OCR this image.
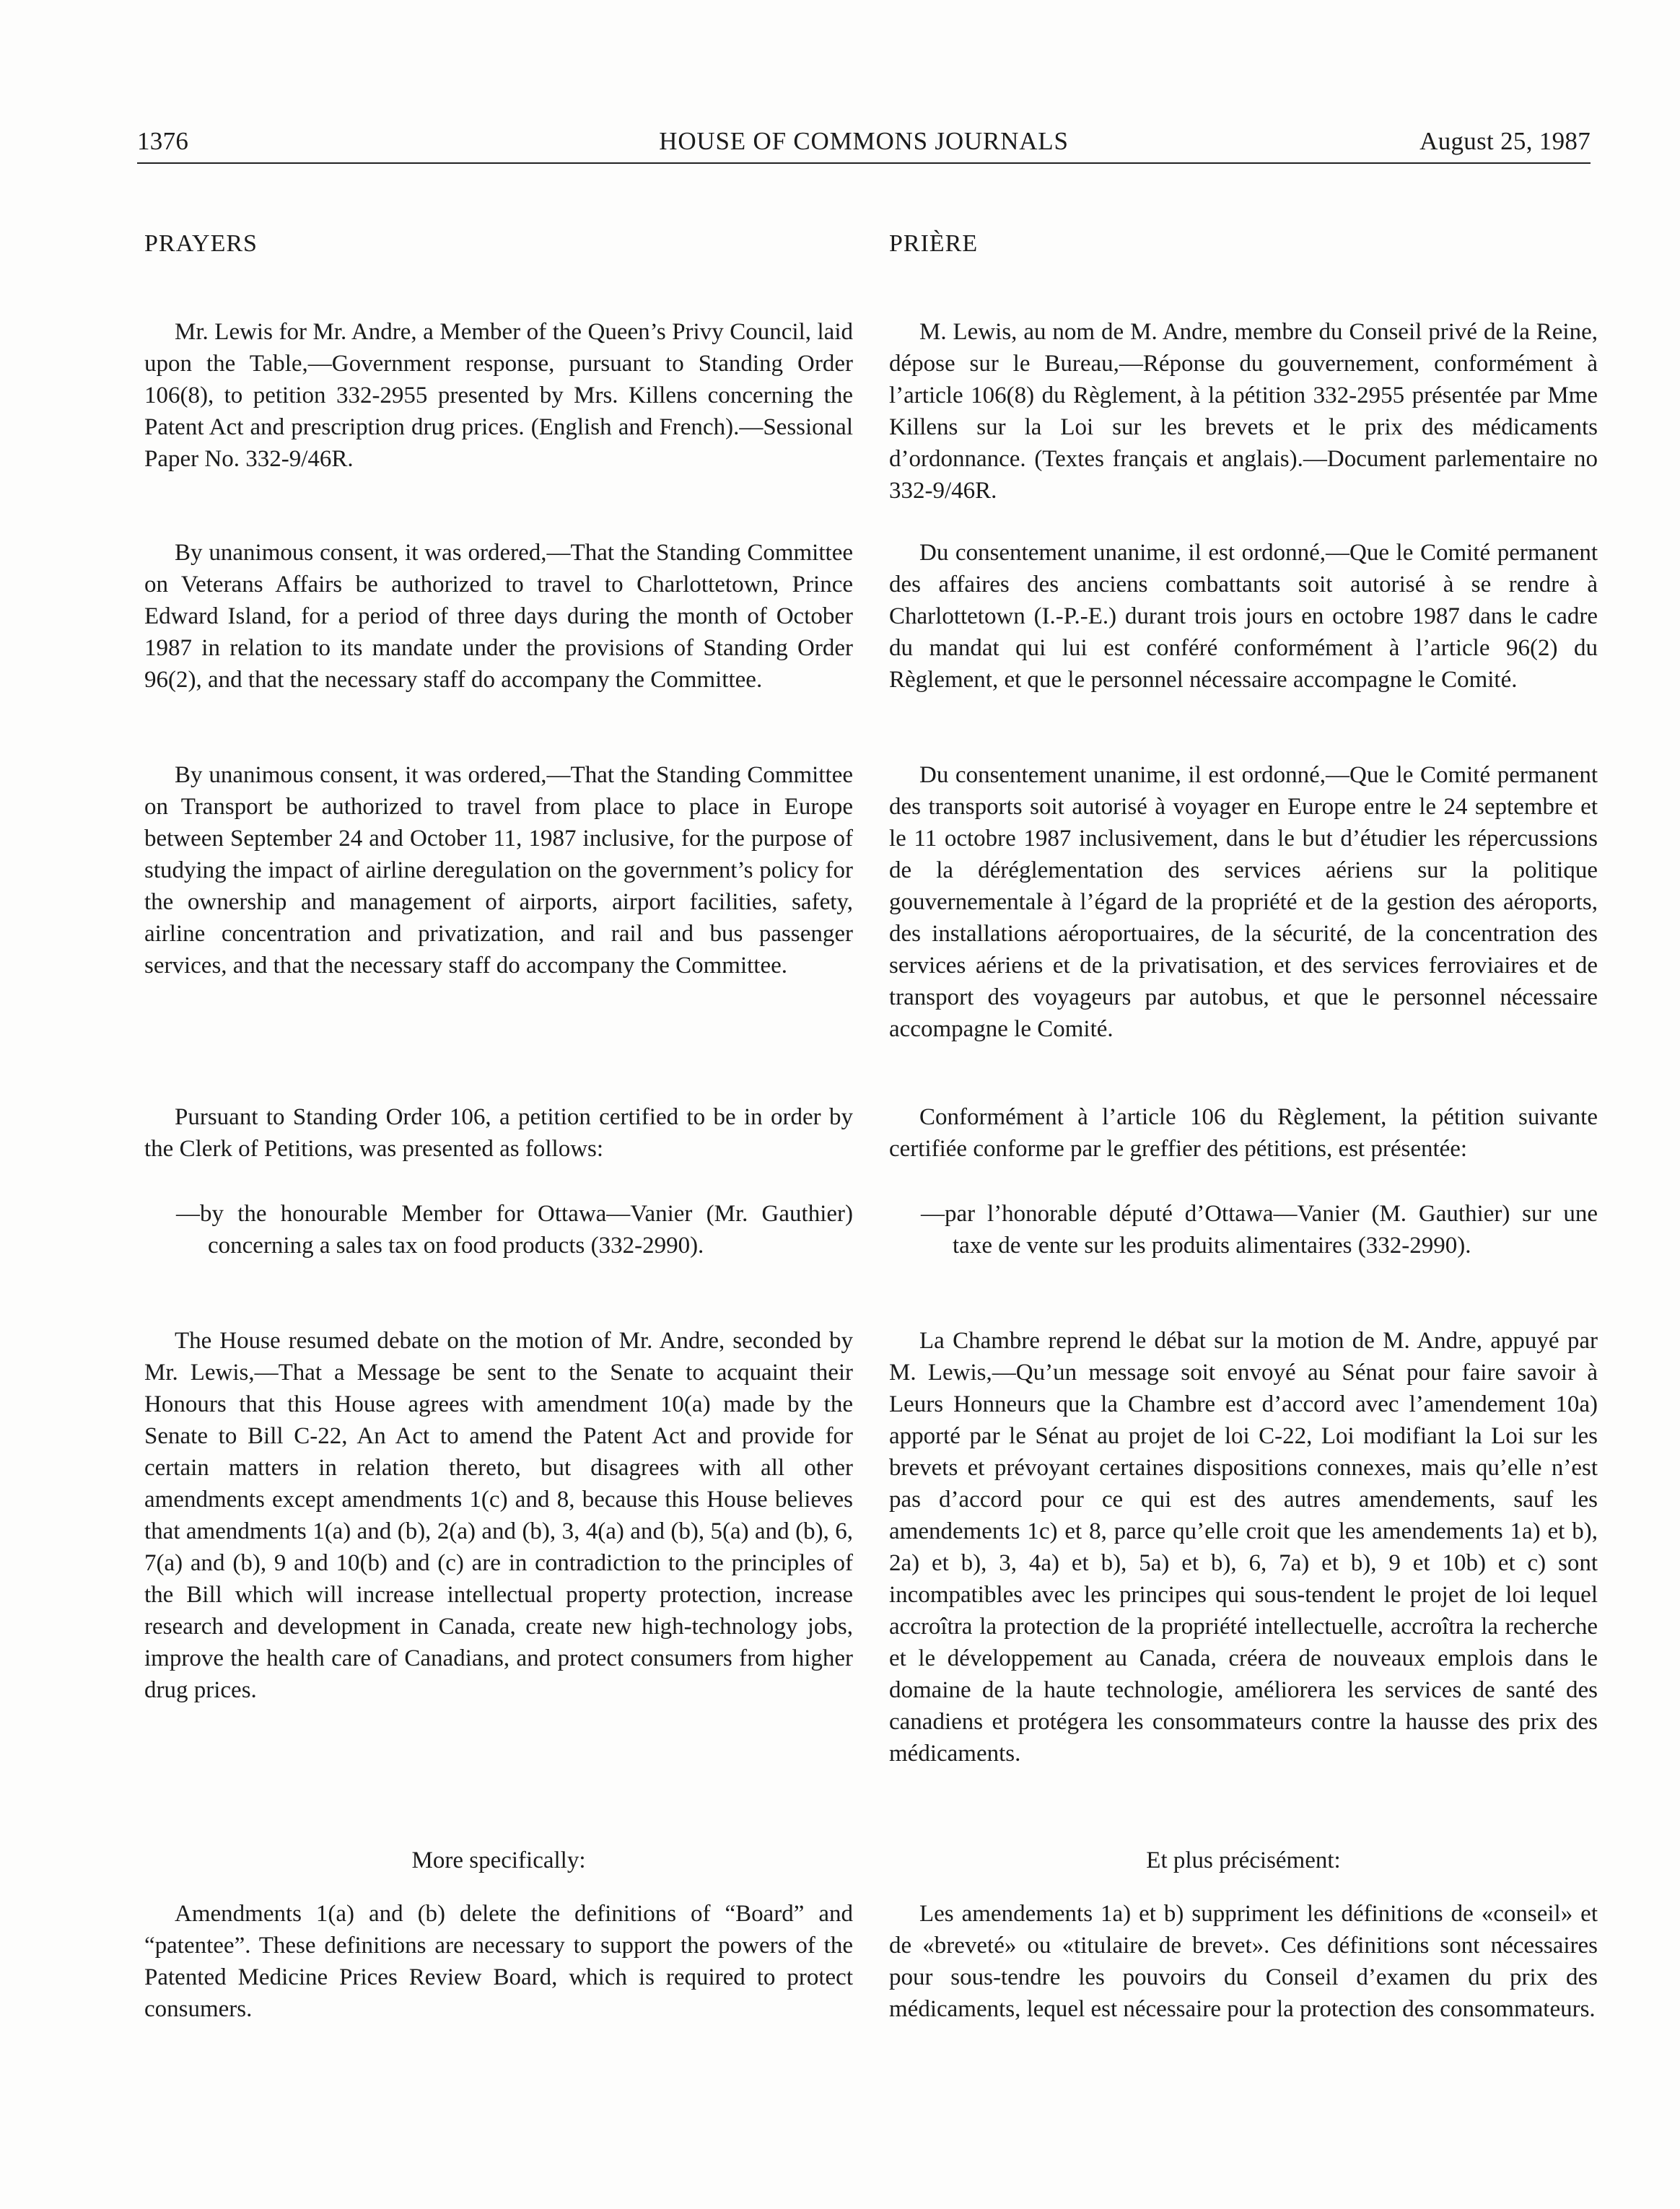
1376	HOUSE OF COMMONS JOURNALS	August 25, 1987
PRAYERS

Mr. Lewis for Mr. Andre, a Member of the Queen’s Privy Council, laid upon the Table,—Government response, pursuant to Standing Order 106(8), to petition 332-2955 presented by Mrs. Killens concerning the Patent Act and prescription drug prices. (English and French).—Sessional Paper No. 332-9/46R.

By unanimous consent, it was ordered,—That the Standing Committee on Veterans Affairs be authorized to travel to Charlottetown, Prince Edward Island, for a period of three days during the month of October 1987 in relation to its mandate under the provisions of Standing Order 96(2), and that the necessary staff do accompany the Committee.

By unanimous consent, it was ordered,—That the Standing Committee on Transport be authorized to travel from place to place in Europe between September 24 and October 11, 1987 inclusive, for the purpose of studying the impact of airline deregulation on the government’s policy for the ownership and management of airports, airport facilities, safety, airline concentration and privatization, and rail and bus passenger services, and that the necessary staff do accompany the Committee.

Pursuant to Standing Order 106, a petition certified to be in order by the Clerk of Petitions, was presented as follows:

—by the honourable Member for Ottawa—Vanier (Mr. Gauthier) concerning a sales tax on food products (332-2990).

The House resumed debate on the motion of Mr. Andre, seconded by Mr. Lewis,—That a Message be sent to the Senate to acquaint their Honours that this House agrees with amendment 10(a) made by the Senate to Bill C-22, An Act to amend the Patent Act and provide for certain matters in relation thereto, but disagrees with all other amendments except amendments 1(c) and 8, because this House believes that amendments 1(a) and (b), 2(a) and (b), 3, 4(a) and (b), 5(a) and (b), 6, 7(a) and (b), 9 and 10(b) and (c) are in contradiction to the principles of the Bill which will increase intellectual property protection, increase research and development in Canada, create new high-technology jobs, improve the health care of Canadians, and protect consumers from higher drug prices.

More specifically:

Amendments 1(a) and (b) delete the definitions of “Board” and “patentee”. These definitions are necessary to support the powers of the Patented Medicine Prices Review Board, which is required to protect consumers.

PRIÈRE

M. Lewis, au nom de M. Andre, membre du Conseil privé de la Reine, dépose sur le Bureau,—Réponse du gouvernement, conformément à l’article 106(8) du Règlement, à la pétition 332-2955 présentée par Mme Killens sur la Loi sur les brevets et le prix des médicaments d’ordonnance. (Textes français et anglais).—Document parlementaire no 332-9/46R.

Du consentement unanime, il est ordonné,—Que le Comité permanent des affaires des anciens combattants soit autorisé à se rendre à Charlottetown (I.-P.-E.) durant trois jours en octobre 1987 dans le cadre du mandat qui lui est conféré conformément à l’article 96(2) du Règlement, et que le personnel nécessaire accompagne le Comité.

Du consentement unanime, il est ordonné,—Que le Comité permanent des transports soit autorisé à voyager en Europe entre le 24 septembre et le 11 octobre 1987 inclusivement, dans le but d’étudier les répercussions de la déréglementation des services aériens sur la politique gouvernementale à l’égard de la propriété et de la gestion des aéroports, des installations aéroportuaires, de la sécurité, de la concentration des services aériens et de la privatisation, et des services ferroviaires et de transport des voyageurs par autobus, et que le personnel nécessaire accompagne le Comité.

Conformément à l’article 106 du Règlement, la pétition suivante certifiée conforme par le greffier des pétitions, est présentée:

—par l’honorable député d’Ottawa—Vanier (M. Gauthier) sur une taxe de vente sur les produits alimentaires (332-2990).

La Chambre reprend le débat sur la motion de M. Andre, appuyé par M. Lewis,—Qu’un message soit envoyé au Sénat pour faire savoir à Leurs Honneurs que la Chambre est d’accord avec l’amendement 10a) apporté par le Sénat au projet de loi C-22, Loi modifiant la Loi sur les brevets et prévoyant certaines dispositions connexes, mais qu’elle n’est pas d’accord pour ce qui est des autres amendements, sauf les amendements 1c) et 8, parce qu’elle croit que les amendements 1a) et b), 2a) et b), 3, 4a) et b), 5a) et b), 6, 7a) et b), 9 et 10b) et c) sont incompatibles avec les principes qui sous-tendent le projet de loi lequel accroîtra la protection de la propriété intellectuelle, accroîtra la recherche et le développement au Canada, créera de nouveaux emplois dans le domaine de la haute technologie, améliorera les services de santé des canadiens et protégera les consommateurs contre la hausse des prix des médicaments.

Et plus précisément:

Les amendements 1a) et b) suppriment les définitions de «conseil» et de «breveté» ou «titulaire de brevet». Ces définitions sont nécessaires pour sous-tendre les pouvoirs du Conseil d’examen du prix des médicaments, lequel est nécessaire pour la protection des consommateurs.
